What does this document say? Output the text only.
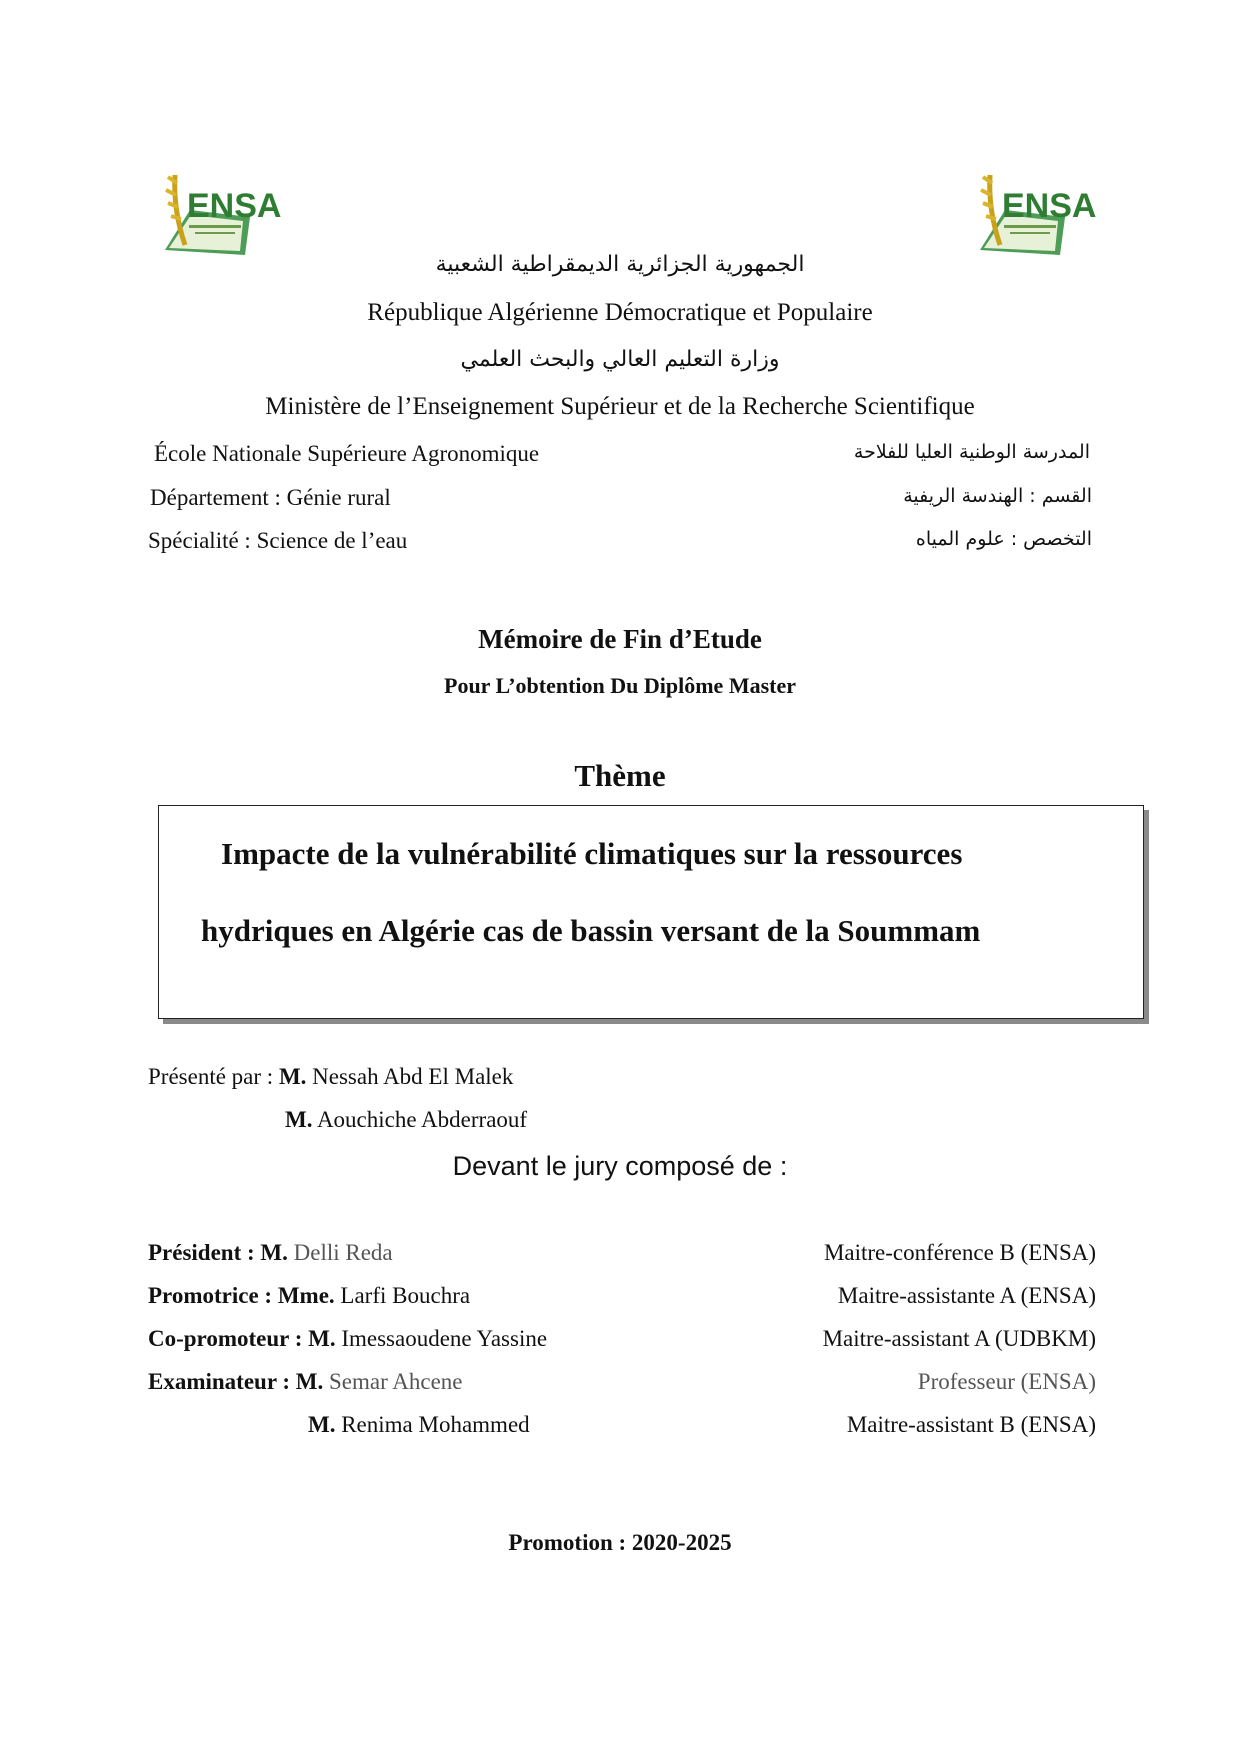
ENSA	ENSA
الجمهورية الجزائرية الديمقراطية الشعبية
République Algérienne Démocratique et Populaire
وزارة التعليم العالي والبحث العلمي
Ministère de l’Enseignement Supérieur et de la Recherche Scientifique
École Nationale Supérieure Agronomique	المدرسة الوطنية العليا للفلاحة
Département : Génie rural	القسم : الهندسة الريفية
Spécialité : Science de l’eau	التخصص : علوم المياه
Mémoire de Fin d’Etude
Pour L’obtention Du Diplôme Master
Thème
Impacte de la vulnérabilité climatiques sur la ressources
hydriques en Algérie cas de bassin versant de la Soummam
Présenté par : M. Nessah Abd El Malek
M. Aouchiche Abderraouf
Devant le jury composé de :
Président : M. Delli Reda	Maitre-conférence B (ENSA)
Promotrice : Mme. Larfi Bouchra	Maitre-assistante A (ENSA)
Co-promoteur : M. Imessaoudene Yassine	Maitre-assistant A (UDBKM)
Examinateur : M. Semar Ahcene	Professeur (ENSA)
M. Renima Mohammed	Maitre-assistant B (ENSA)
Promotion : 2020-2025
